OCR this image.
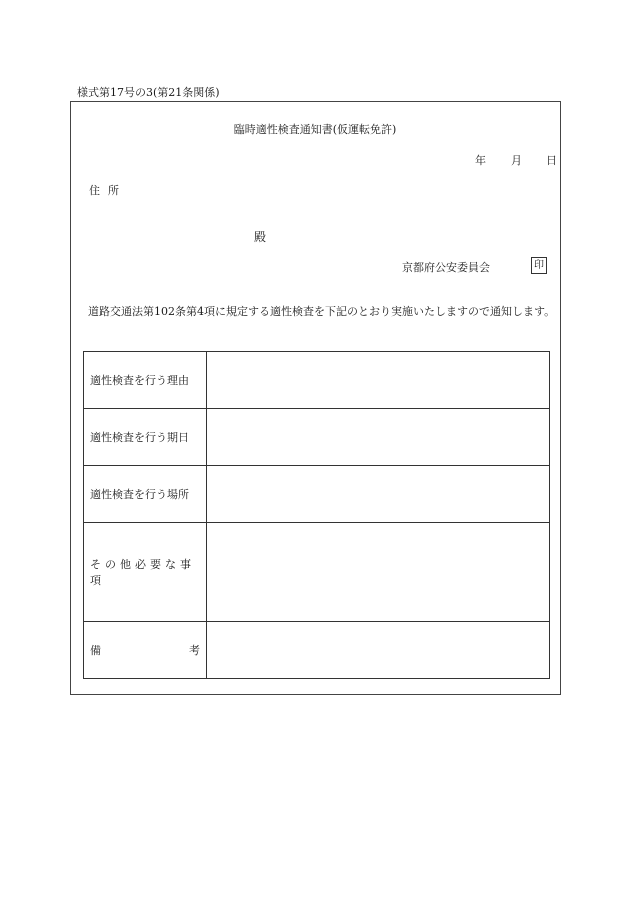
様式第17号の3(第21条関係)
臨時適性検査通知書(仮運転免許)
年 月 日
住所
殿
京都府公安委員会	印
道路交通法第102条第4項に規定する適性検査を下記のとおり実施いたしますので通知します。
適性検査を行う理由	
適性検査を行う期日	
適性検査を行う場所	
その他必要な事項	

備 考	
